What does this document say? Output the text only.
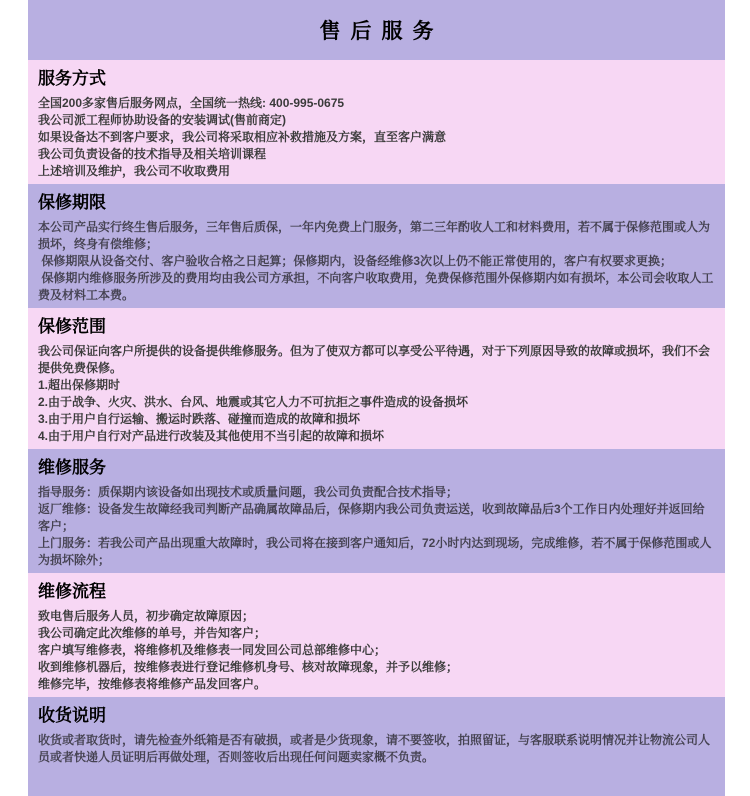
售后服务
服务方式

全国200多家售后服务网点，全国统一热线: 400-995-0675

我公司派工程师协助设备的安装调试(售前商定)

如果设备达不到客户要求，我公司将采取相应补救措施及方案，直至客户满意

我公司负责设备的技术指导及相关培训课程

上述培训及维护，我公司不收取费用

保修期限

本公司产品实行终生售后服务，三年售后质保，一年内免费上门服务，第二三年酌收人工和材料费用，若不属于保修范围或人为损坏，终身有偿维修；

保修期限从设备交付、客户验收合格之日起算；保修期内，设备经维修3次以上仍不能正常使用的，客户有权要求更换；

保修期内维修服务所涉及的费用均由我公司方承担，不向客户收取费用，免费保修范围外保修期内如有损坏，本公司会收取人工费及材料工本费。

保修范围

我公司保证向客户所提供的设备提供维修服务。但为了使双方都可以享受公平待遇，对于下列原因导致的故障或损坏，我们不会提供免费保修。

1.超出保修期时

2.由于战争、火灾、洪水、台风、地震或其它人力不可抗拒之事件造成的设备损坏

3.由于用户自行运输、搬运时跌落、碰撞而造成的故障和损坏

4.由于用户自行对产品进行改装及其他使用不当引起的故障和损坏

维修服务

指导服务：质保期内该设备如出现技术或质量问题，我公司负责配合技术指导；

返厂维修：设备发生故障经我司判断产品确属故障品后，保修期内我公司负责运送，收到故障品后3个工作日内处理好并返回给客户；

上门服务：若我公司产品出现重大故障时，我公司将在接到客户通知后，72小时内达到现场，完成维修，若不属于保修范围或人为损坏除外；

维修流程

致电售后服务人员，初步确定故障原因；

我公司确定此次维修的单号，并告知客户；

客户填写维修表，将维修机及维修表一同发回公司总部维修中心；

收到维修机器后，按维修表进行登记维修机身号、核对故障现象，并予以维修；

维修完毕，按维修表将维修产品发回客户。

收货说明

收货或者取货时，请先检查外纸箱是否有破损，或者是少货现象，请不要签收，拍照留证，与客服联系说明情况并让物流公司人员或者快递人员证明后再做处理，否则签收后出现任何问题卖家概不负责。
